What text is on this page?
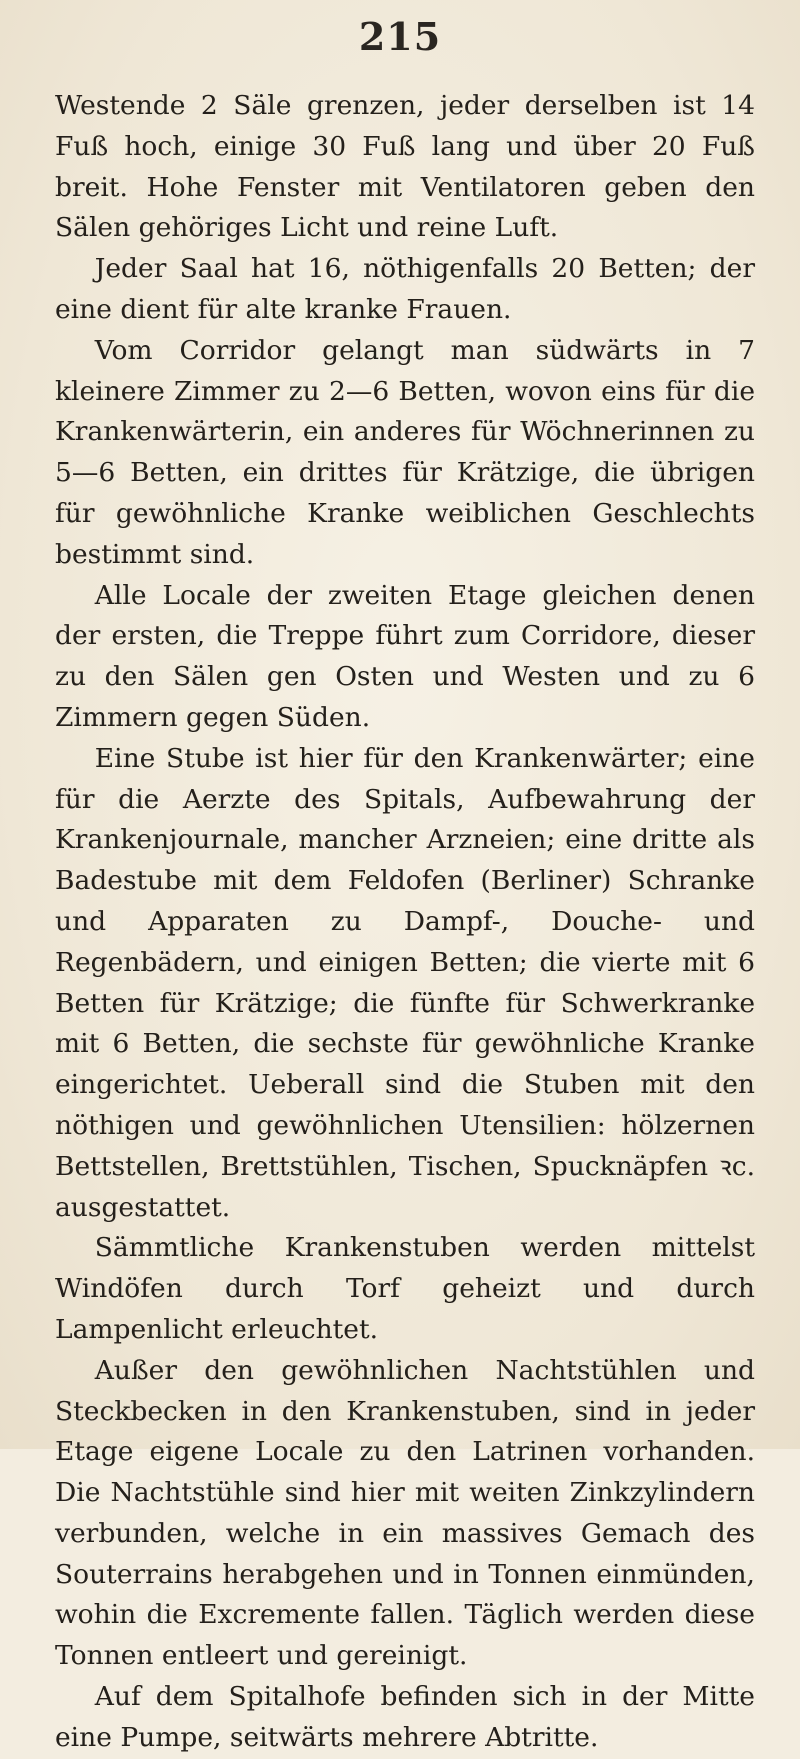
215

Westende 2 Säle grenzen, jeder derselben ist 14 Fuß hoch, einige 30 Fuß lang und über 20 Fuß breit. Hohe Fenster mit Ventilatoren geben den Sälen gehöriges Licht und reine Luft.

Jeder Saal hat 16, nöthigenfalls 20 Betten; der eine dient für alte kranke Frauen.

Vom Corridor gelangt man südwärts in 7 kleinere Zimmer zu 2—6 Betten, wovon eins für die Krankenwärterin, ein anderes für Wöchnerinnen zu 5—6 Betten, ein drittes für Krätzige, die übrigen für gewöhnliche Kranke weiblichen Geschlechts bestimmt sind.

Alle Locale der zweiten Etage gleichen denen der ersten, die Treppe führt zum Corridore, dieser zu den Sälen gen Osten und Westen und zu 6 Zimmern gegen Süden.

Eine Stube ist hier für den Krankenwärter; eine für die Aerzte des Spitals, Aufbewahrung der Krankenjournale, mancher Arzneien; eine dritte als Badestube mit dem Feldofen (Berliner) Schranke und Apparaten zu Dampf-, Douche- und Regenbädern, und einigen Betten; die vierte mit 6 Betten für Krätzige; die fünfte für Schwerkranke mit 6 Betten, die sechste für gewöhnliche Kranke eingerichtet. Ueberall sind die Stuben mit den nöthigen und gewöhnlichen Utensilien: hölzernen Bettstellen, Brettstühlen, Tischen, Spucknäpfen ꝛc. ausgestattet.

Sämmtliche Krankenstuben werden mittelst Windöfen durch Torf geheizt und durch Lampenlicht erleuchtet.

Außer den gewöhnlichen Nachtstühlen und Steckbecken in den Krankenstuben, sind in jeder Etage eigene Locale zu den Latrinen vorhanden. Die Nachtstühle sind hier mit weiten Zinkzylindern verbunden, welche in ein massives Gemach des Souterrains herabgehen und in Tonnen einmünden, wohin die Excremente fallen. Täglich werden diese Tonnen entleert und gereinigt.

Auf dem Spitalhofe befinden sich in der Mitte eine Pumpe, seitwärts mehrere Abtritte.
